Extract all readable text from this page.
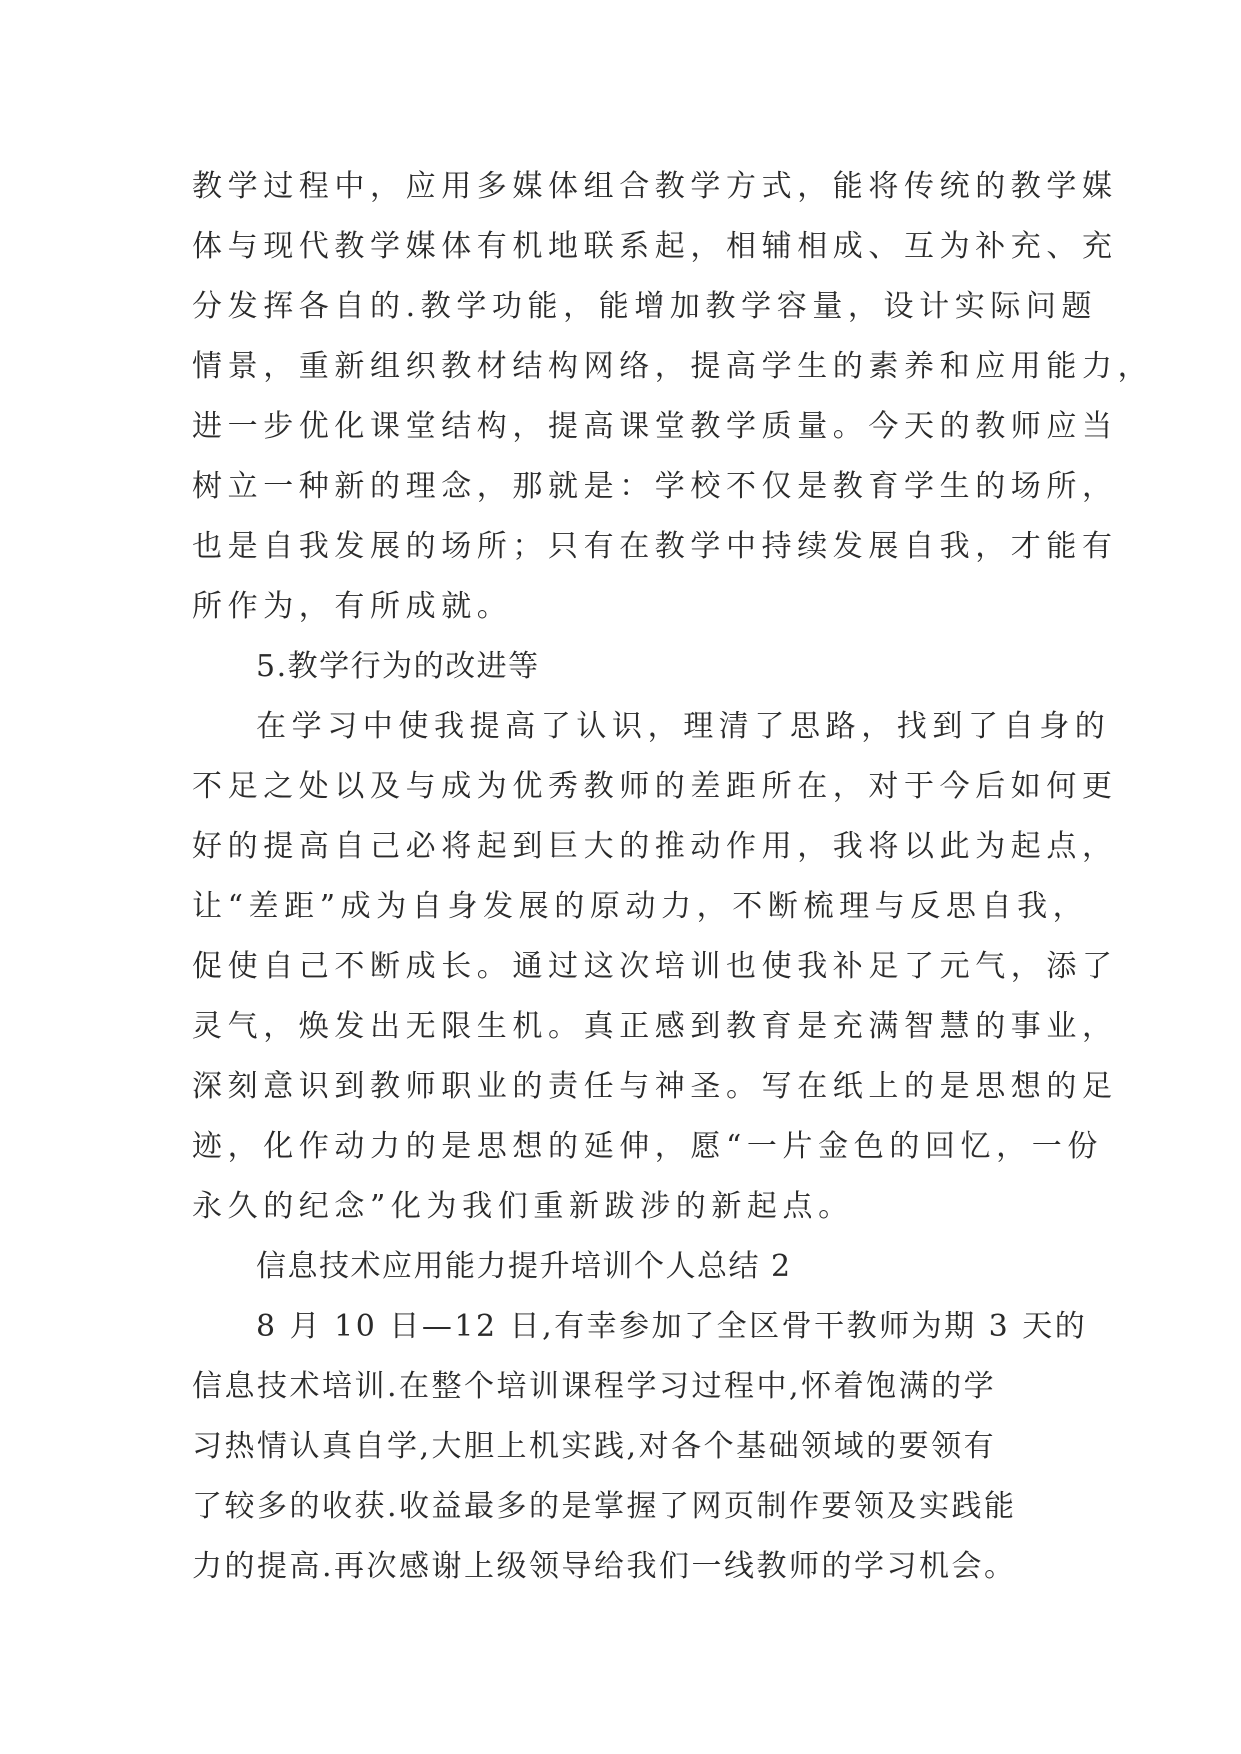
教学过程中，应用多媒体组合教学方式，能将传统的教学媒

体与现代教学媒体有机地联系起，相辅相成、互为补充、充

分发挥各自的.教学功能，能增加教学容量，设计实际问题

情景，重新组织教材结构网络，提高学生的素养和应用能力，

进一步优化课堂结构，提高课堂教学质量。今天的教师应当

树立一种新的理念，那就是：学校不仅是教育学生的场所，

也是自我发展的场所；只有在教学中持续发展自我，才能有

所作为，有所成就。

5.教学行为的改进等

在学习中使我提高了认识，理清了思路，找到了自身的

不足之处以及与成为优秀教师的差距所在，对于今后如何更

好的提高自己必将起到巨大的推动作用，我将以此为起点，

让“差距”成为自身发展的原动力，不断梳理与反思自我，

促使自己不断成长。通过这次培训也使我补足了元气，添了

灵气，焕发出无限生机。真正感到教育是充满智慧的事业，

深刻意识到教师职业的责任与神圣。写在纸上的是思想的足

迹，化作动力的是思想的延伸，愿“一片金色的回忆，一份

永久的纪念”化为我们重新跋涉的新起点。

信息技术应用能力提升培训个人总结 2

8 月 10 日—12 日,有幸参加了全区骨干教师为期 3 天的

信息技术培训.在整个培训课程学习过程中,怀着饱满的学

习热情认真自学,大胆上机实践,对各个基础领域的要领有

了较多的收获.收益最多的是掌握了网页制作要领及实践能

力的提高.再次感谢上级领导给我们一线教师的学习机会。
